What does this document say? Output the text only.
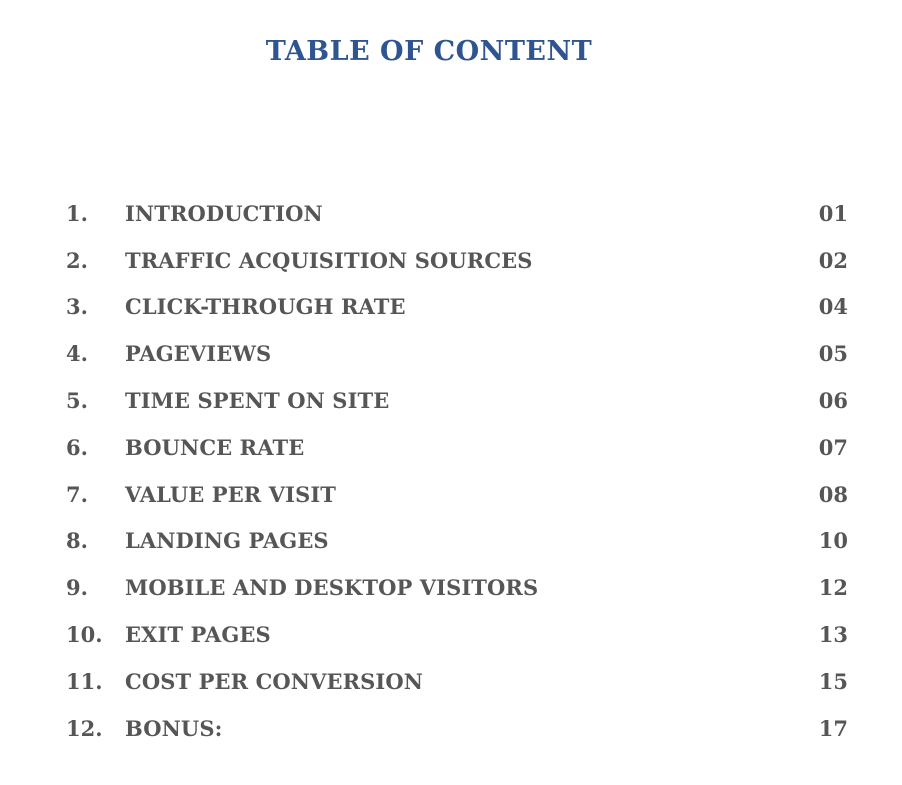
TABLE OF CONTENT
1.	INTRODUCTION	01
2.	TRAFFIC ACQUISITION SOURCES	02
3.	CLICK-THROUGH RATE	04
4.	PAGEVIEWS	05
5.	TIME SPENT ON SITE	06
6.	BOUNCE RATE	07
7.	VALUE PER VISIT	08
8.	LANDING PAGES	10
9.	MOBILE AND DESKTOP VISITORS	12
10.	EXIT PAGES	13
11.	COST PER CONVERSION	15
12.	BONUS:	17
